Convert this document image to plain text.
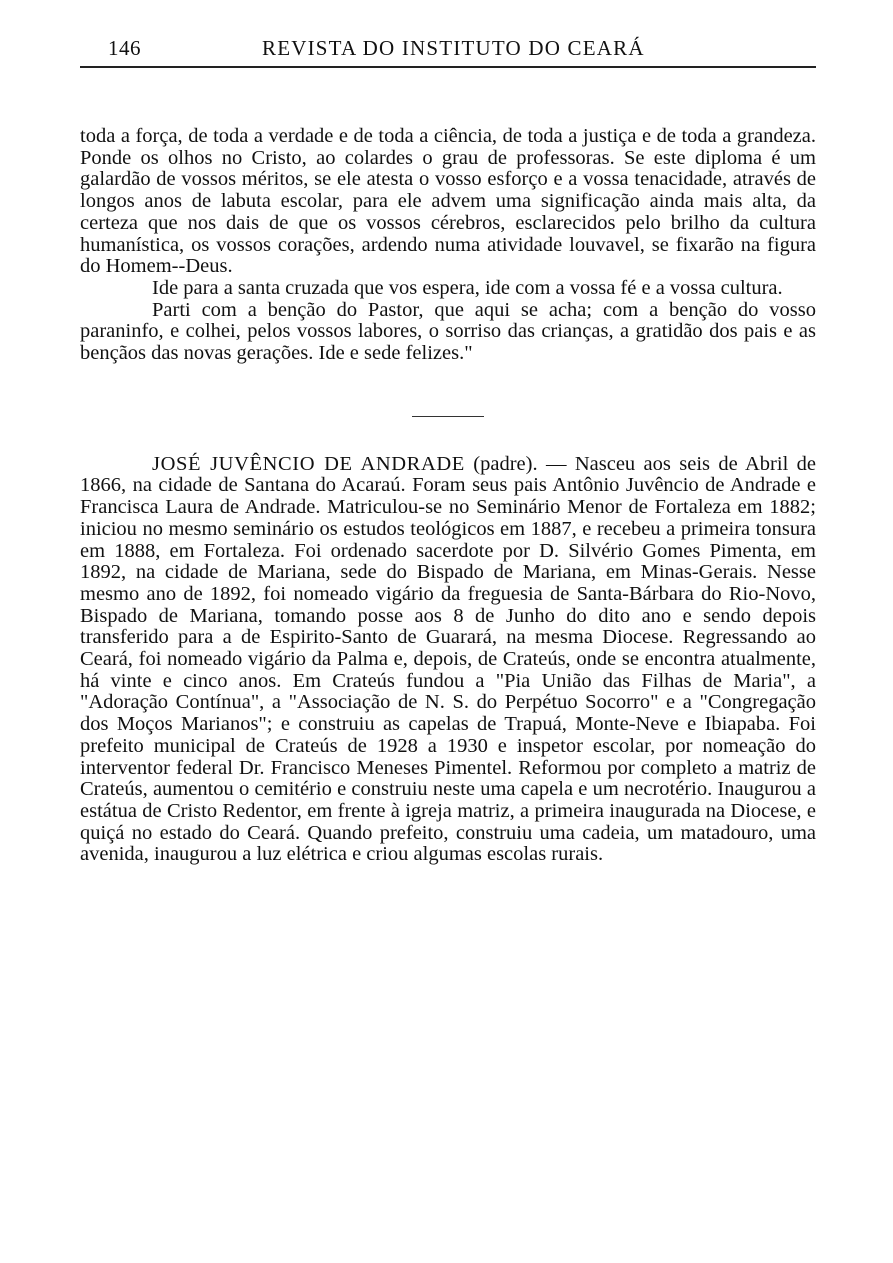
146	REVISTA DO INSTITUTO DO CEARÁ

toda a força, de toda a verdade e de toda a ciência, de toda a justiça e de toda a grandeza. Ponde os olhos no Cristo, ao colardes o grau de professoras. Se este diploma é um galardão de vossos méritos, se ele atesta o vosso esforço e a vossa tenacidade, através de longos anos de labuta escolar, para ele advem uma significação ainda mais alta, da certeza que nos dais de que os vossos cérebros, esclarecidos pelo brilho da cultura humanística, os vossos corações, ardendo numa atividade louvavel, se fixarão na figura do Homem--Deus.

Ide para a santa cruzada que vos espera, ide com a vossa fé e a vossa cultura.

Parti com a benção do Pastor, que aqui se acha; com a benção do vosso paraninfo, e colhei, pelos vossos labores, o sorriso das crianças, a gratidão dos pais e as bençãos das novas gerações. Ide e sede felizes."

JOSÉ JUVÊNCIO DE ANDRADE (padre). — Nasceu aos seis de Abril de 1866, na cidade de Santana do Acaraú. Foram seus pais Antônio Juvêncio de Andrade e Francisca Laura de Andrade. Matriculou-se no Seminário Menor de Fortaleza em 1882; iniciou no mesmo seminário os estudos teológicos em 1887, e recebeu a primeira tonsura em 1888, em Fortaleza. Foi ordenado sacerdote por D. Silvério Gomes Pimenta, em 1892, na cidade de Mariana, sede do Bispado de Mariana, em Minas-Gerais. Nesse mesmo ano de 1892, foi nomeado vigário da freguesia de Santa-Bárbara do Rio-Novo, Bispado de Mariana, tomando posse aos 8 de Junho do dito ano e sendo depois transferido para a de Espirito-Santo de Guarará, na mesma Diocese. Regressando ao Ceará, foi nomeado vigário da Palma e, depois, de Crateús, onde se encontra atualmente, há vinte e cinco anos. Em Crateús fundou a "Pia União das Filhas de Maria", a "Adoração Contínua", a "Associação de N. S. do Perpétuo Socorro" e a "Congregação dos Moços Marianos"; e construiu as capelas de Trapuá, Monte-Neve e Ibiapaba. Foi prefeito municipal de Crateús de 1928 a 1930 e inspetor escolar, por nomeação do interventor federal Dr. Francisco Meneses Pimentel. Reformou por completo a matriz de Crateús, aumentou o cemitério e construiu neste uma capela e um necrotério. Inaugurou a estátua de Cristo Redentor, em frente à igreja matriz, a primeira inaugurada na Diocese, e quiçá no estado do Ceará. Quando prefeito, construiu uma cadeia, um matadouro, uma avenida, inaugurou a luz elétrica e criou algumas escolas rurais.
